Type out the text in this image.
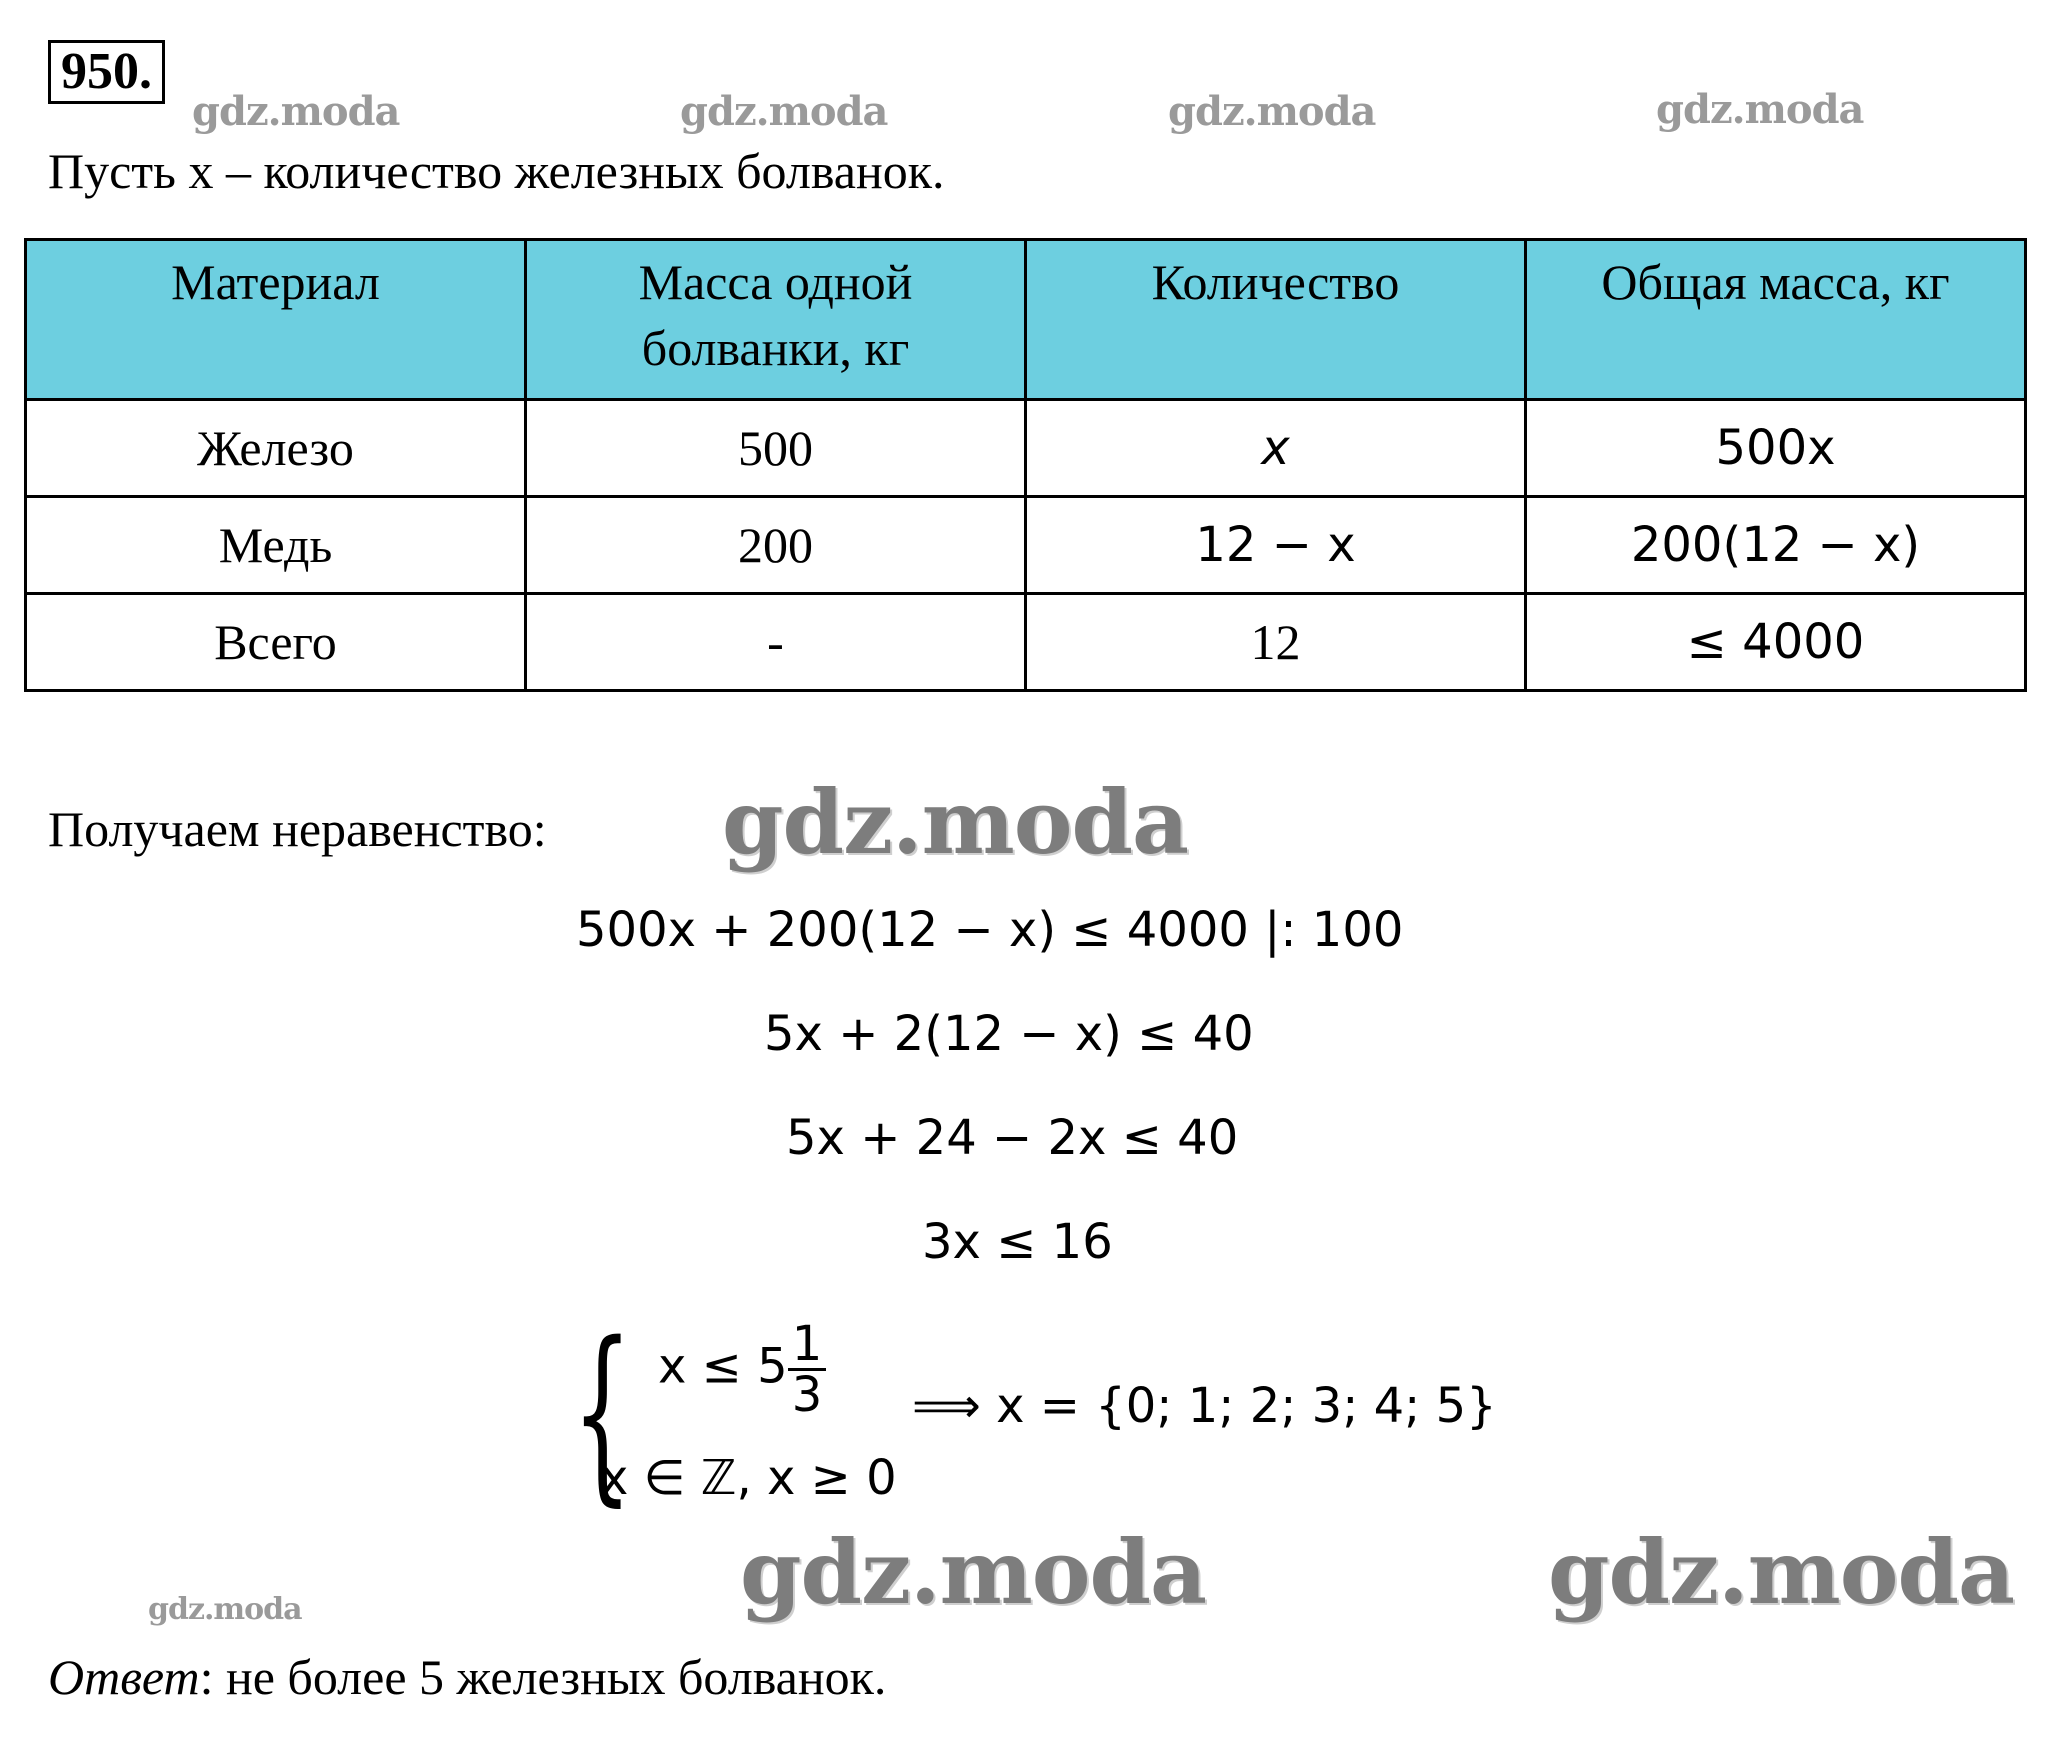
950.
gdz.moda	gdz.moda	gdz.moda	gdz.moda
gdz.moda
gdz.moda	gdz.moda
gdz.moda
Пусть x – количество железных болванок.
Материал	Масса одной болванки, кг	Количество	Общая масса, кг
Железо	500	x	500x
Медь	200	12 − x	200(12 − x)
Всего	-	12	≤ 4000
Получаем неравенство:
500x + 200(12 − x) ≤ 4000 |: 100
5x + 2(12 − x) ≤ 40
5x + 24 − 2x ≤ 40
3x ≤ 16
{ $x \le 5 \frac{1}{3}$
x ∈ ℤ, x ≥ 0
⟹ x = {0; 1; 2; 3; 4; 5}
Ответ: не более 5 железных болванок.
